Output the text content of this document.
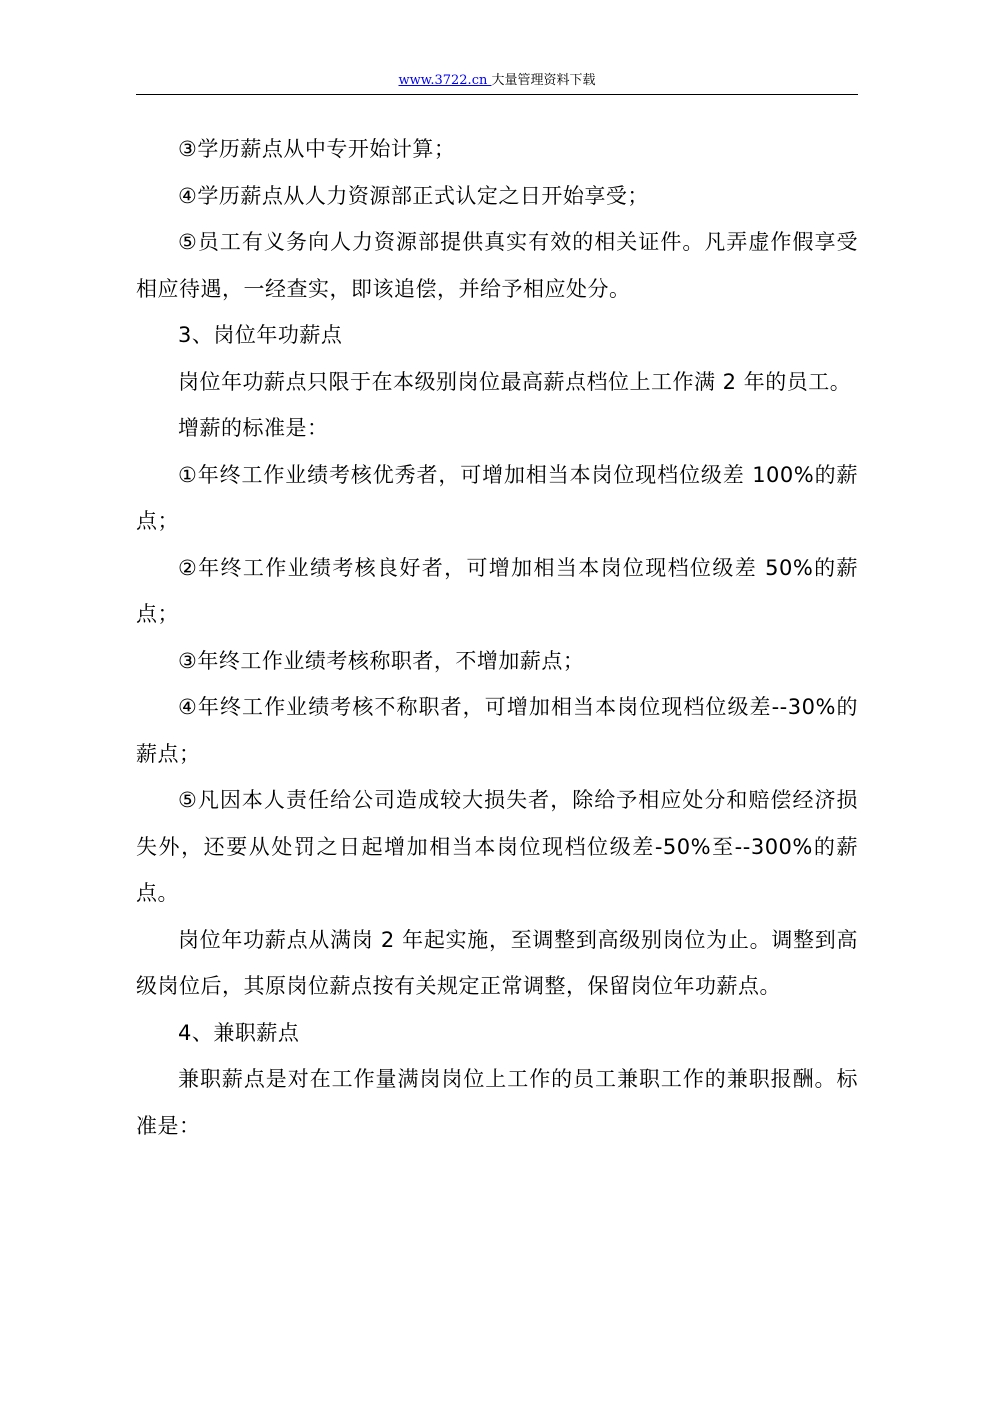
www.3722.cn 大量管理资料下载

③学历薪点从中专开始计算；

④学历薪点从人力资源部正式认定之日开始享受；

⑤员工有义务向人力资源部提供真实有效的相关证件。凡弄虚作假享受相应待遇，一经查实，即该追偿，并给予相应处分。

3、岗位年功薪点

岗位年功薪点只限于在本级别岗位最高薪点档位上工作满 2 年的员工。

增薪的标准是：

①年终工作业绩考核优秀者，可增加相当本岗位现档位级差 100%的薪点；

②年终工作业绩考核良好者，可增加相当本岗位现档位级差 50%的薪点；

③年终工作业绩考核称职者，不增加薪点；

④年终工作业绩考核不称职者，可增加相当本岗位现档位级差--30%的薪点；

⑤凡因本人责任给公司造成较大损失者，除给予相应处分和赔偿经济损失外，还要从处罚之日起增加相当本岗位现档位级差-50%至--300%的薪点。

岗位年功薪点从满岗 2 年起实施，至调整到高级别岗位为止。调整到高级岗位后，其原岗位薪点按有关规定正常调整，保留岗位年功薪点。

4、兼职薪点

兼职薪点是对在工作量满岗岗位上工作的员工兼职工作的兼职报酬。标准是：
